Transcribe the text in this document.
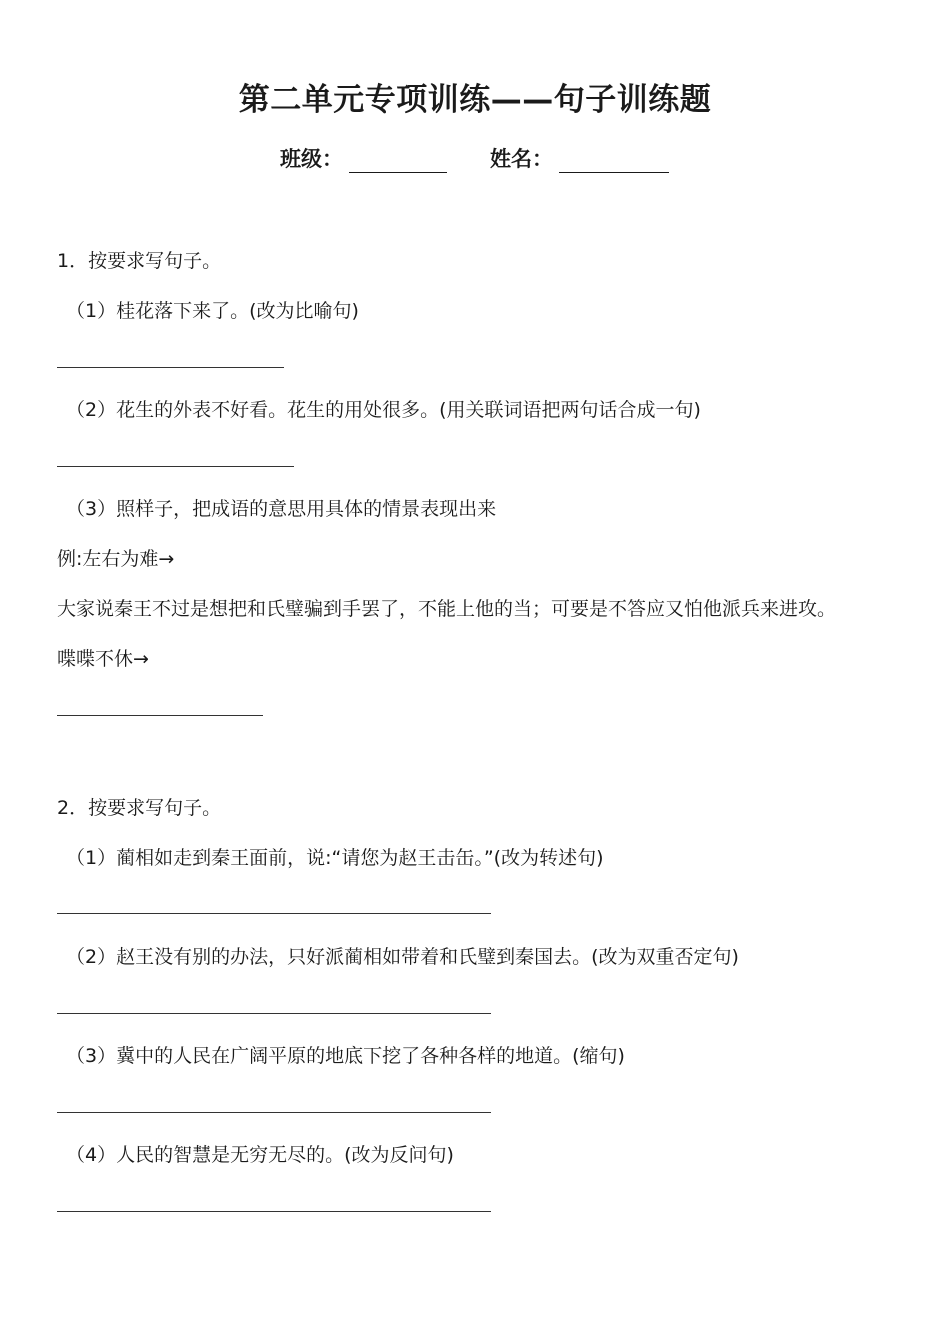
第二单元专项训练——句子训练题
班级：	姓名：
1．按要求写句子。
（1）桂花落下来了。(改为比喻句)
（2）花生的外表不好看。花生的用处很多。(用关联词语把两句话合成一句)
（3）照样子，把成语的意思用具体的情景表现出来
例:左右为难→
大家说秦王不过是想把和氏璧骗到手罢了，不能上他的当；可要是不答应又怕他派兵来进攻。
喋喋不休→
2．按要求写句子。
（1）蔺相如走到秦王面前，说:“请您为赵王击缶。”(改为转述句)
（2）赵王没有别的办法，只好派蔺相如带着和氏璧到秦国去。(改为双重否定句)
（3）冀中的人民在广阔平原的地底下挖了各种各样的地道。(缩句)
（4）人民的智慧是无穷无尽的。(改为反问句)
